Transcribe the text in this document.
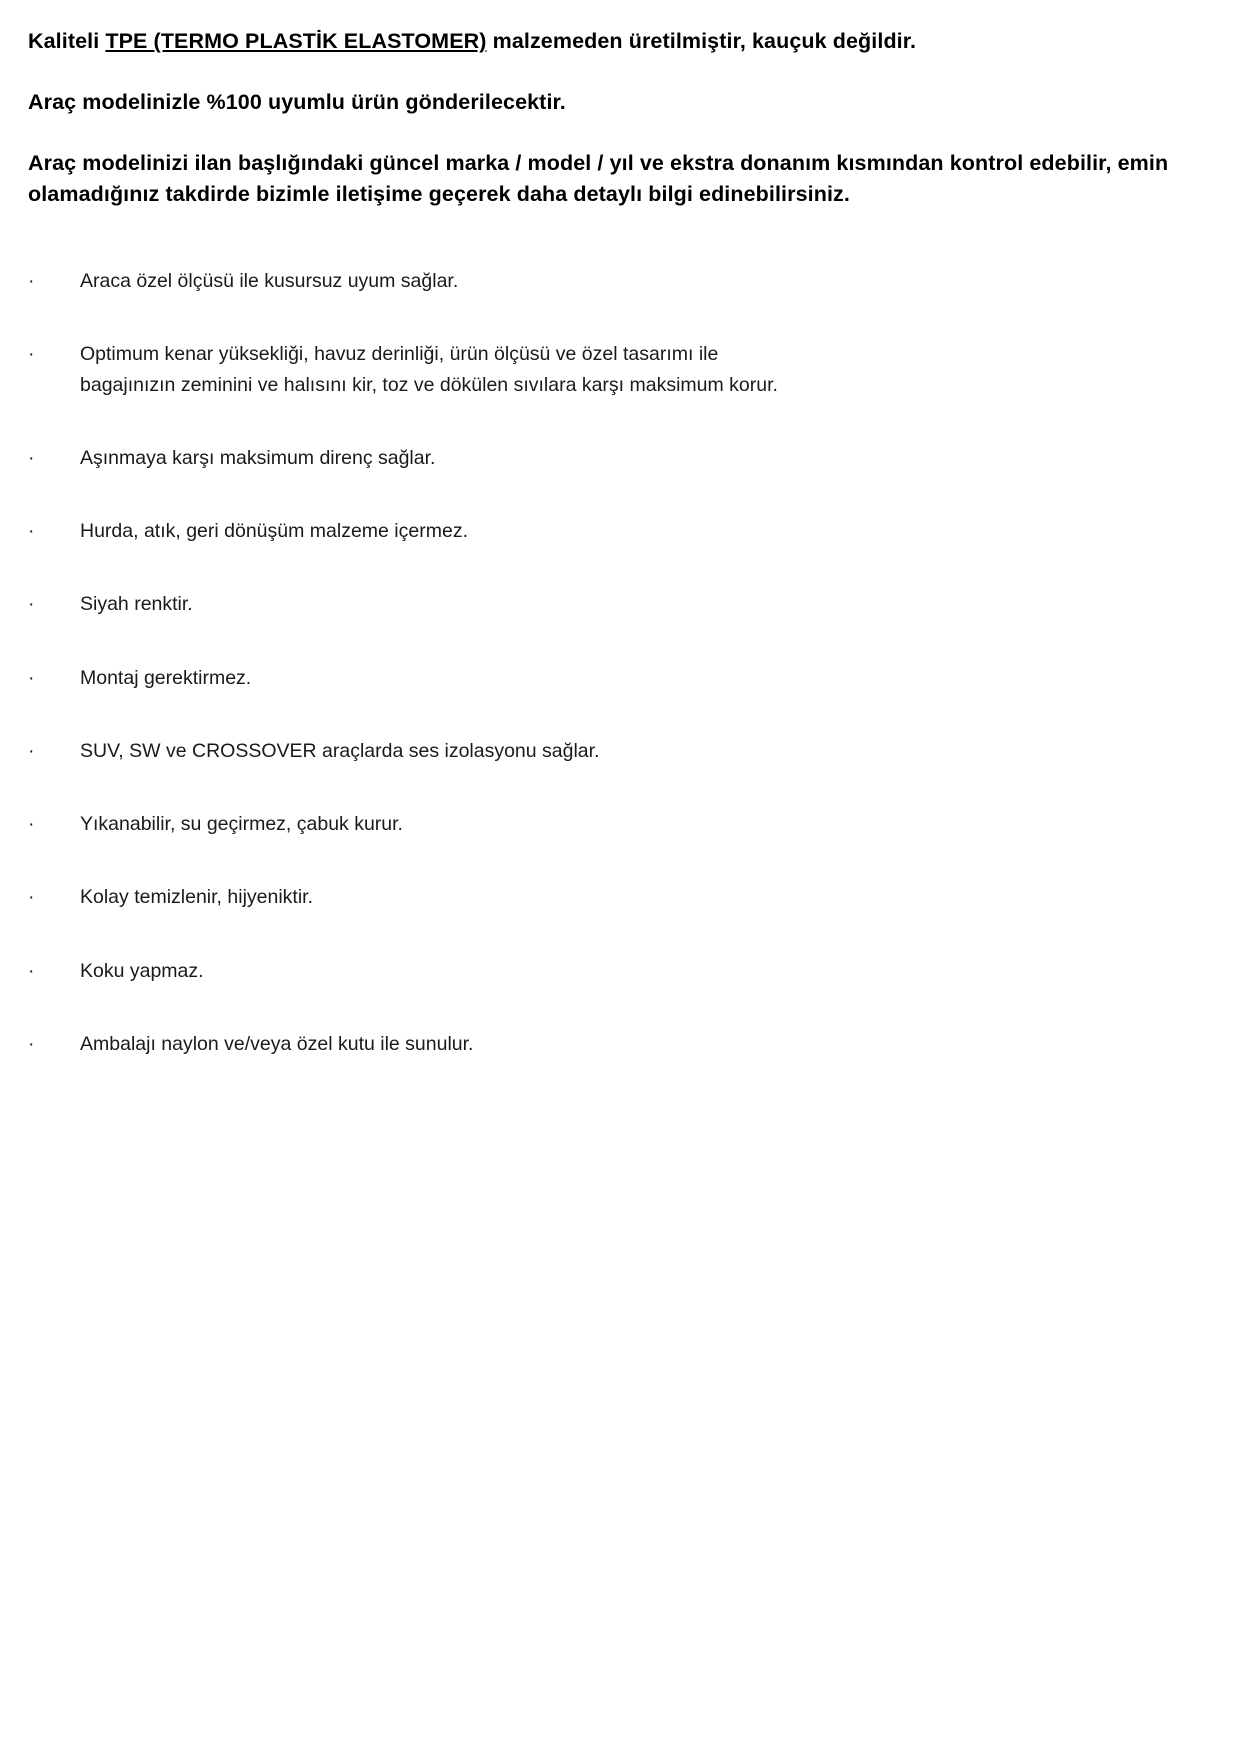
Kaliteli TPE (TERMO PLASTİK ELASTOMER) malzemeden üretilmiştir, kauçuk değildir.

Araç modelinizle %100 uyumlu ürün gönderilecektir.

Araç modelinizi ilan başlığındaki güncel marka / model / yıl ve ekstra donanım kısmından kontrol edebilir, emin olamadığınız takdirde bizimle iletişime geçerek daha detaylı bilgi edinebilirsiniz.

·	Araca özel ölçüsü ile kusursuz uyum sağlar.
·	Optimum kenar yüksekliği, havuz derinliği, ürün ölçüsü ve özel tasarımı ile
bagajınızın zeminini ve halısını kir, toz ve dökülen sıvılara karşı maksimum korur.
·	Aşınmaya karşı maksimum direnç sağlar.
·	Hurda, atık, geri dönüşüm malzeme içermez.
·	Siyah renktir.
·	Montaj gerektirmez.
·	SUV, SW ve CROSSOVER araçlarda ses izolasyonu sağlar.
·	Yıkanabilir, su geçirmez, çabuk kurur.
·	Kolay temizlenir, hijyeniktir.
·	Koku yapmaz.
·	Ambalajı naylon ve/veya özel kutu ile sunulur.
